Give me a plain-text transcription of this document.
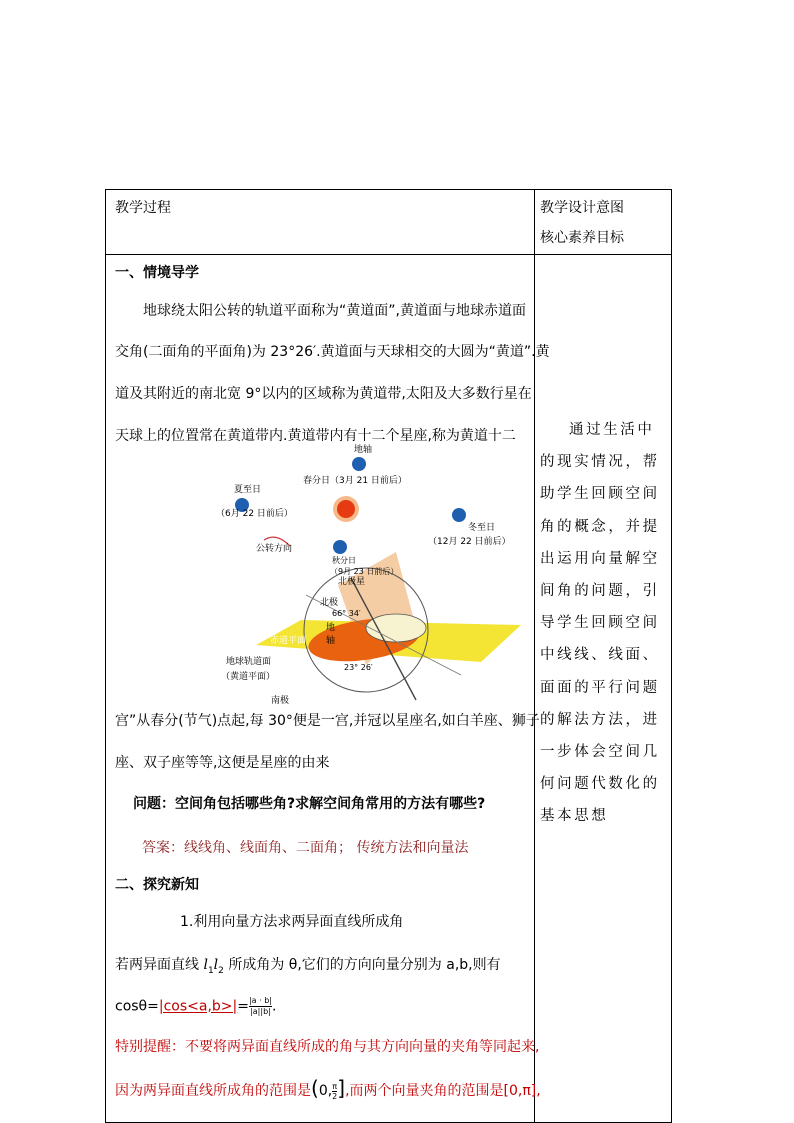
教学过程	教学设计意图
核心素养目标
一、情境导学
地球绕太阳公转的轨道平面称为“黄道面”,黄道面与地球赤道面
交角(二面角的平面角)为 23°26′.黄道面与天球相交的大圆为“黄道”.黄
道及其附近的南北宽 9°以内的区域称为黄道带,太阳及大多数行星在
天球上的位置常在黄道带内.黄道带内有十二个星座,称为黄道十二
地轴
春分日（3月 21 日前后）
夏至日
（6月 22 日前后）
冬至日
（12月 22 日前后）
公转方向
秋分日
（9月 23 日前后）
北极星
北极
66° 34′
地
轴
赤道平面
地球轨道面
（黄道平面）
23° 26′
南极
宫”从春分(节气)点起,每 30°便是一宫,并冠以星座名,如白羊座、狮子
座、双子座等等,这便是星座的由来
问题：空间角包括哪些角?求解空间角常用的方法有哪些?
答案：线线角、线面角、二面角； 传统方法和向量法
二、探究新知
1.利用向量方法求两异面直线所成角
若两异面直线 $l_1l_2$ 所成角为 θ,它们的方向向量分别为 a,b,则有
$\cos\theta=|\cos<a,b>|= \frac{|a \cdot b|}{|a||b|}$ .
特别提醒：不要将两异面直线所成的角与其方向向量的夹角等同起来,
因为两异面直线所成角的范围是(0, $\frac{\pi}{2}$ ],而两个向量夹角的范围是[0,π],
通过生活中的现实情况，帮助学生回顾空间角的概念，并提出运用向量解空间角的问题，引导学生回顾空间中线线、线面、面面的平行问题的解法方法，进一步体会空间几何问题代数化的基本思想
